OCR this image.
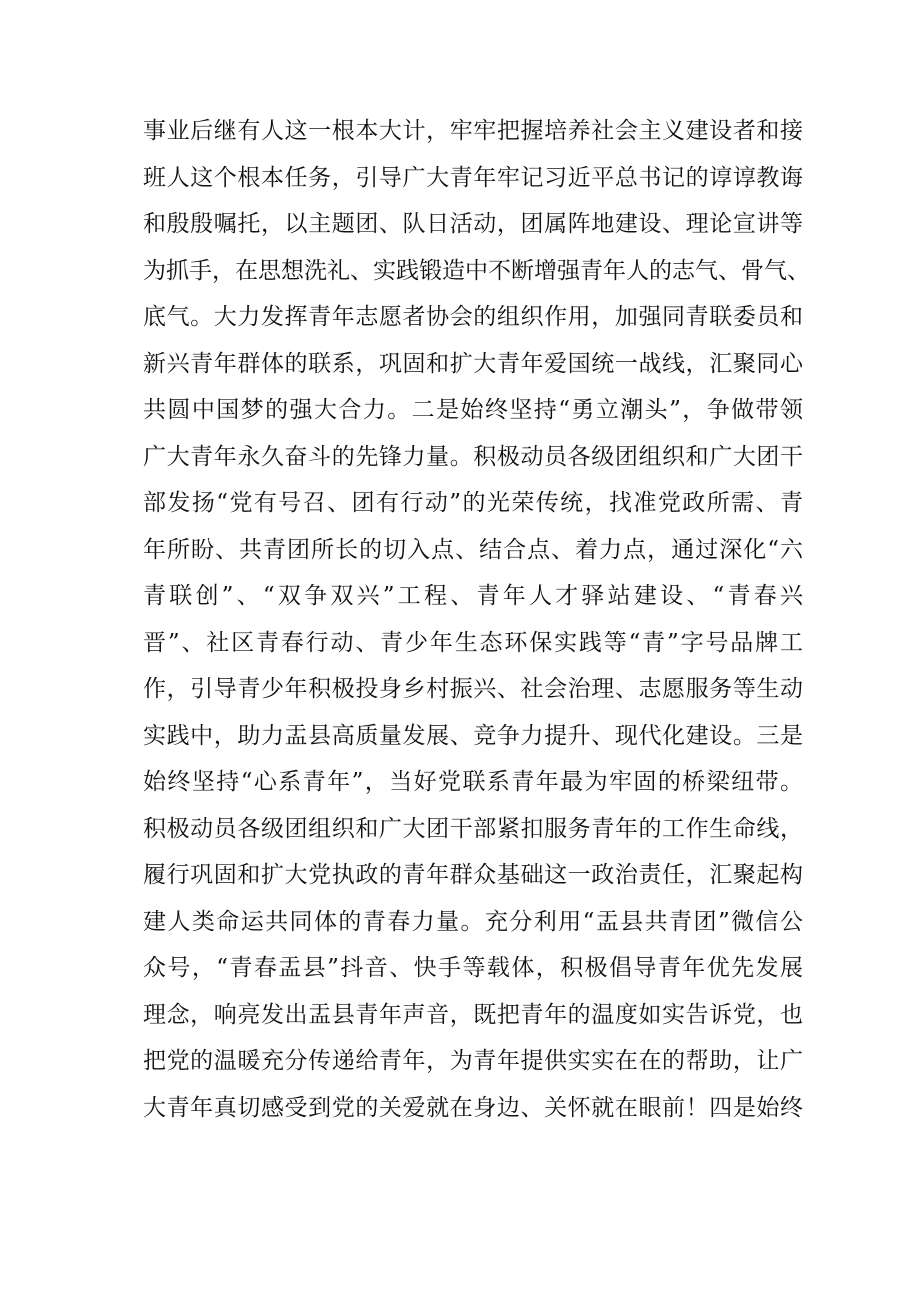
事业后继有人这一根本大计，牢牢把握培养社会主义建设者和接
班人这个根本任务，引导广大青年牢记习近平总书记的谆谆教诲
和殷殷嘱托，以主题团、队日活动，团属阵地建设、理论宣讲等
为抓手，在思想洗礼、实践锻造中不断增强青年人的志气、骨气、
底气。大力发挥青年志愿者协会的组织作用，加强同青联委员和
新兴青年群体的联系，巩固和扩大青年爱国统一战线，汇聚同心
共圆中国梦的强大合力。二是始终坚持“勇立潮头”，争做带领
广大青年永久奋斗的先锋力量。积极动员各级团组织和广大团干
部发扬“党有号召、团有行动”的光荣传统，找准党政所需、青
年所盼、共青团所长的切入点、结合点、着力点，通过深化“六
青联创”、“双争双兴”工程、青年人才驿站建设、“青春兴
晋”、社区青春行动、青少年生态环保实践等“青”字号品牌工
作，引导青少年积极投身乡村振兴、社会治理、志愿服务等生动
实践中，助力盂县高质量发展、竞争力提升、现代化建设。三是
始终坚持“心系青年”，当好党联系青年最为牢固的桥梁纽带。
积极动员各级团组织和广大团干部紧扣服务青年的工作生命线，
履行巩固和扩大党执政的青年群众基础这一政治责任，汇聚起构
建人类命运共同体的青春力量。充分利用“盂县共青团”微信公
众号，“青春盂县”抖音、快手等载体，积极倡导青年优先发展
理念，响亮发出盂县青年声音，既把青年的温度如实告诉党，也
把党的温暖充分传递给青年，为青年提供实实在在的帮助，让广
大青年真切感受到党的关爱就在身边、关怀就在眼前！四是始终
